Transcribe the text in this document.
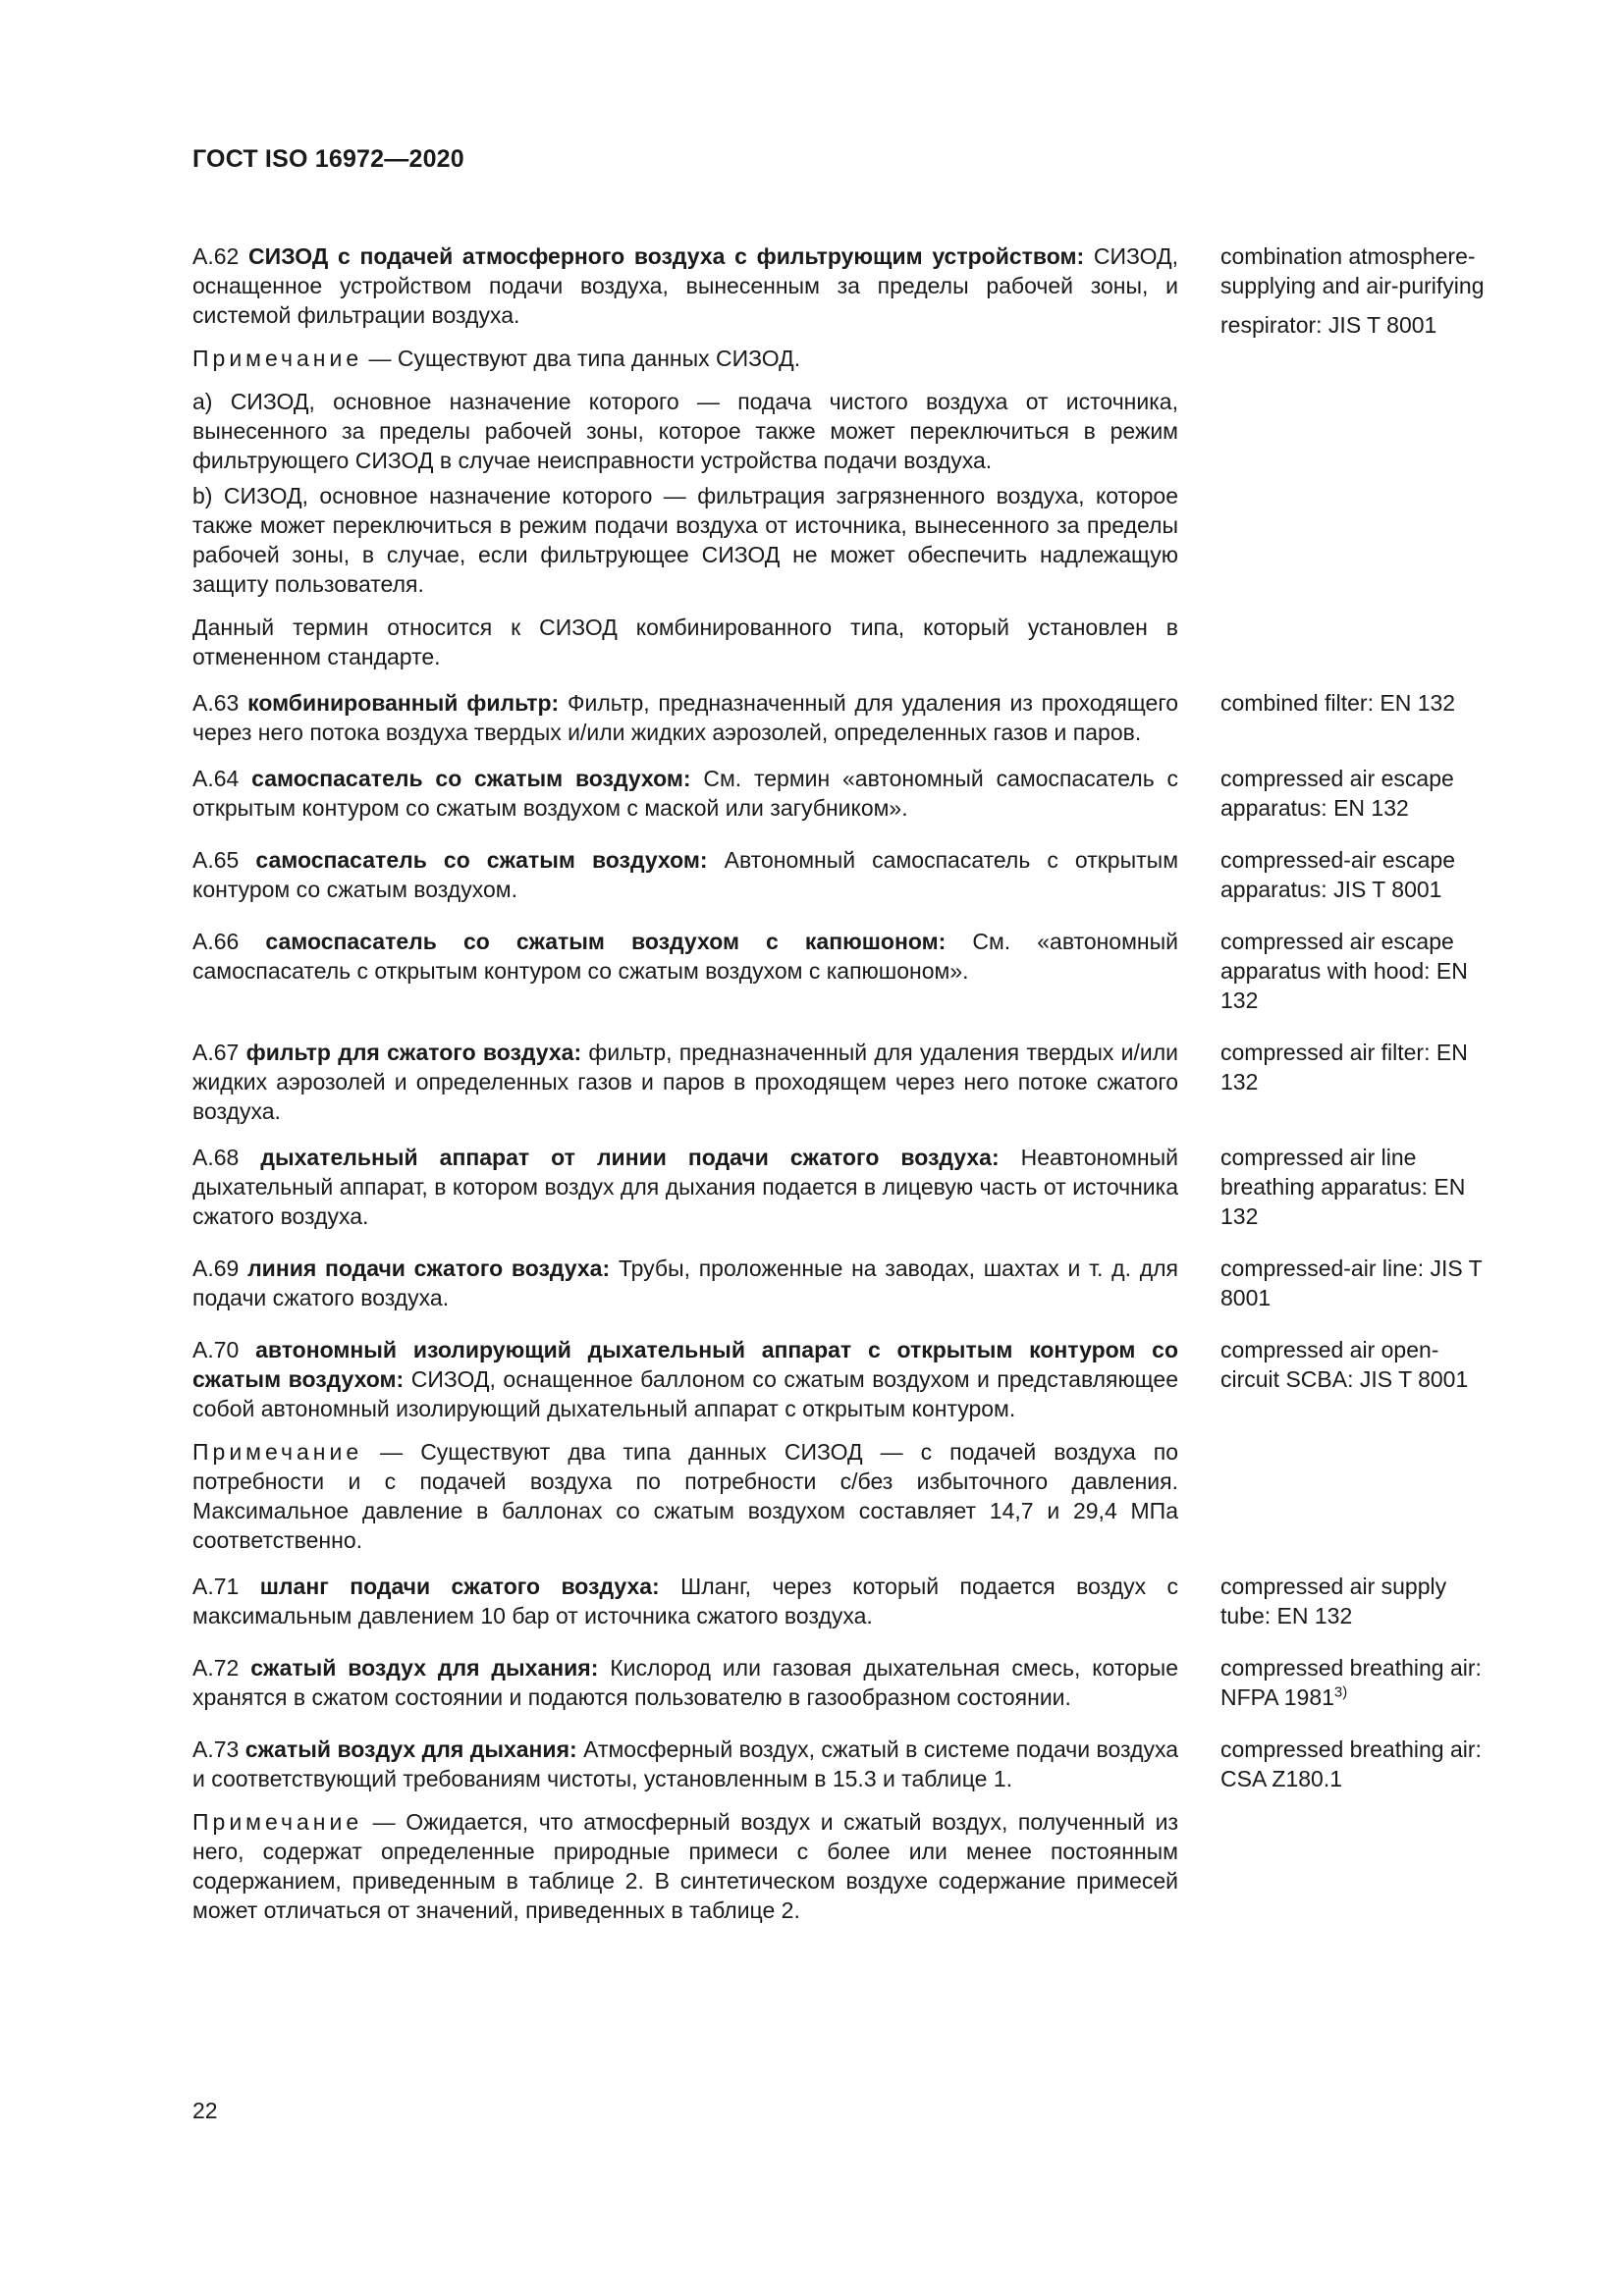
ГОСТ ISO 16972—2020

A.62 СИЗОД с подачей атмосферного воздуха с фильтрующим устройством: СИЗОД, оснащенное устройством подачи воздуха, вынесенным за пределы рабочей зоны, и системой фильтрации воздуха.

Примечание — Существуют два типа данных СИЗОД.

а) СИЗОД, основное назначение которого — подача чистого воздуха от источника, вынесенного за пределы рабочей зоны, которое также может переключиться в режим фильтрующего СИЗОД в случае неисправности устройства подачи воздуха.

b) СИЗОД, основное назначение которого — фильтрация загрязненного воздуха, которое также может переключиться в режим подачи воздуха от источника, вынесенного за пределы рабочей зоны, в случае, если фильтрующее СИЗОД не может обеспечить надлежащую защиту пользователя.

Данный термин относится к СИЗОД комбинированного типа, который установлен в отмененном стандарте.

combination atmosphere-supplying and air-purifying

respirator: JIS T 8001

A.63 комбинированный фильтр: Фильтр, предназначенный для удаления из проходящего через него потока воздуха твердых и/или жидких аэрозолей, определенных газов и паров.

combined filter: EN 132

A.64 самоспасатель со сжатым воздухом: См. термин «автономный самоспасатель с открытым контуром со сжатым воздухом с маской или загубником».

compressed air escape apparatus: EN 132

A.65 самоспасатель со сжатым воздухом: Автономный самоспасатель с открытым контуром со сжатым воздухом.

compressed-air escape apparatus: JIS T 8001

A.66 самоспасатель со сжатым воздухом с капюшоном: См. «автономный самоспасатель с открытым контуром со сжатым воздухом с капюшоном».

compressed air escape apparatus with hood: EN 132

A.67 фильтр для сжатого воздуха: фильтр, предназначенный для удаления твердых и/или жидких аэрозолей и определенных газов и паров в проходящем через него потоке сжатого воздуха.

compressed air filter: EN 132

A.68 дыхательный аппарат от линии подачи сжатого воздуха: Неавтономный дыхательный аппарат, в котором воздух для дыхания подается в лицевую часть от источника сжатого воздуха.

compressed air line breathing apparatus: EN 132

A.69 линия подачи сжатого воздуха: Трубы, проложенные на заводах, шахтах и т. д. для подачи сжатого воздуха.

compressed-air line: JIS T 8001

A.70 автономный изолирующий дыхательный аппарат с открытым контуром со сжатым воздухом: СИЗОД, оснащенное баллоном со сжатым воздухом и представляющее собой автономный изолирующий дыхательный аппарат с открытым контуром.

Примечание — Существуют два типа данных СИЗОД — с подачей воздуха по потребности и с подачей воздуха по потребности с/без избыточного давления. Максимальное давление в баллонах со сжатым воздухом составляет 14,7 и 29,4 МПа соответственно.

compressed air open-circuit SCBA: JIS T 8001

A.71 шланг подачи сжатого воздуха: Шланг, через который подается воздух с максимальным давлением 10 бар от источника сжатого воздуха.

compressed air supply tube: EN 132

A.72 сжатый воздух для дыхания: Кислород или газовая дыхательная смесь, которые хранятся в сжатом состоянии и подаются пользователю в газообразном состоянии.

compressed breathing air: NFPA 1981$^{3)}$

A.73 сжатый воздух для дыхания: Атмосферный воздух, сжатый в системе подачи воздуха и соответствующий требованиям чистоты, установленным в 15.3 и таблице 1.

Примечание — Ожидается, что атмосферный воздух и сжатый воздух, полученный из него, содержат определенные природные примеси с более или менее постоянным содержанием, приведенным в таблице 2. В синтетическом воздухе содержание примесей может отличаться от значений, приведенных в таблице 2.

compressed breathing air:

CSA Z180.1

22
